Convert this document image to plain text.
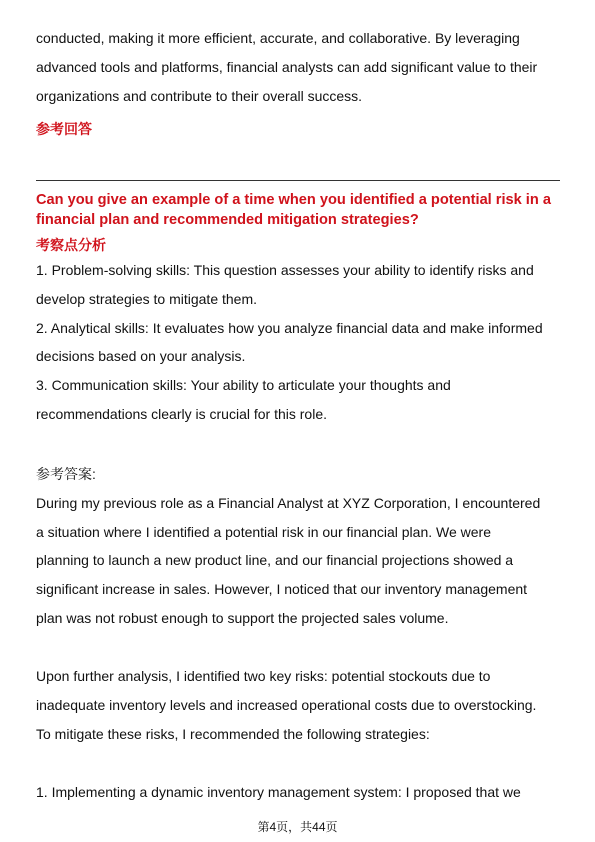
conducted, making it more efficient, accurate, and collaborative. By leveraging

advanced tools and platforms, financial analysts can add significant value to their

organizations and contribute to their overall success.

参考回答

Can you give an example of a time when you identified a potential risk in a

financial plan and recommended mitigation strategies?

考察点分析

1. Problem-solving skills: This question assesses your ability to identify risks and

develop strategies to mitigate them.

2. Analytical skills: It evaluates how you analyze financial data and make informed

decisions based on your analysis.

3. Communication skills: Your ability to articulate your thoughts and

recommendations clearly is crucial for this role.

参考答案:

During my previous role as a Financial Analyst at XYZ Corporation, I encountered

a situation where I identified a potential risk in our financial plan. We were

planning to launch a new product line, and our financial projections showed a

significant increase in sales. However, I noticed that our inventory management

plan was not robust enough to support the projected sales volume.

Upon further analysis, I identified two key risks: potential stockouts due to

inadequate inventory levels and increased operational costs due to overstocking.

To mitigate these risks, I recommended the following strategies:

1. Implementing a dynamic inventory management system: I proposed that we

第4页，共44页
